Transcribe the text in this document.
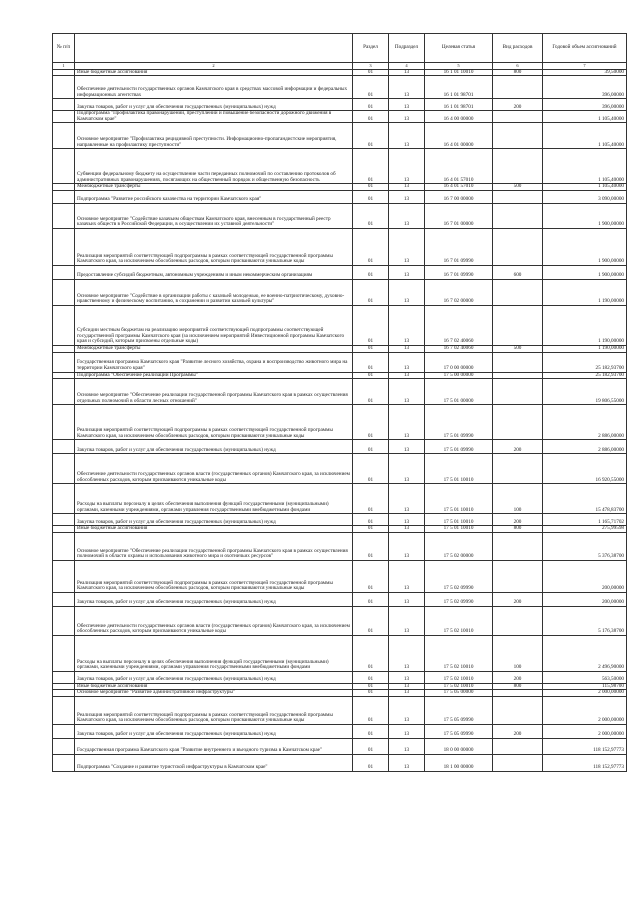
№ п/п		Раздел	Подраздел	Целевая статья	Вид расходов	Годовой объем ассигнований
1	2	3	4	5	6	7
	Иные бюджетные ассигнования	01	13	16 1 01 10010	800	39,50000
	Обеспечение деятельности государственных органов Камчатского края в средствах массовой информации и федеральных информационных агентствах	01	13	16 1 01 98701		396,00000
	Закупка товаров, работ и услуг для обеспечения государственных (муниципальных) нужд	01	13	16 1 01 98701	200	396,00000
	Подпрограмма "Профилактика правонарушений, преступлений и повышение безопасности дорожного движения в Камчатском крае"	01	13	16 4 00 00000		1 105,40000
	Основное мероприятие "Профилактика рецидивной преступности. Информационно-пропагандистские мероприятия, направленные на профилактику преступности"	01	13	16 4 01 00000		1 105,40000
	Субвенции федеральному бюджету на осуществление части переданных полномочий по составлению протоколов об административных правонарушениях, посягающих на общественный порядок и общественную безопасность	01	13	16 4 01 57010		1 105,40000
	Межбюджетные трансферты	01	13	16 4 01 57010	500	1 105,40000
	Подпрограмма "Развитие российского казачества на территории Камчатского края"	01	13	16 7 00 00000		3 090,00000
	Основное мероприятие "Содействие казачьим обществам Камчатского края, внесенным в государственный реестр казачьих обществ в Российской Федерации, в осуществлении их уставной деятельности"	01	13	16 7 01 00000		1 900,00000
	Реализация мероприятий соответствующей подпрограммы в рамках соответствующей государственной программы Камчатского края, за исключением обособленных расходов, которым присваиваются уникальные коды	01	13	16 7 01 09990		1 900,00000
	Предоставление субсидий бюджетным, автономным учреждениям и иным некоммерческим организациям	01	13	16 7 01 09990	600	1 900,00000
	Основное мероприятие "Содействие в организации работы с казачьей молодежью, ее военно-патриотическому, духовно-нравственному и физическому воспитанию, в сохранении и развитии казачьей культуры"	01	13	16 7 02 00000		1 190,00000
	Субсидии местным бюджетам на реализацию мероприятий соответствующей подпрограммы соответствующей государственной программы Камчатского края (за исключением мероприятий Инвестиционной программы Камчатского края и субсидий, которым присвоены отдельные коды)	01	13	16 7 02 40060		1 190,00000
	Межбюджетные трансферты	01	13	16 7 02 40060	500	1 190,00000
	Государственная программа Камчатского края "Развитие лесного хозяйства, охрана и воспроизводство животного мира на территории Камчатского края"	01	13	17 0 00 00000		25 182,93700
	Подпрограмма "Обеспечение реализации Программы"	01	13	17 5 00 00000		25 182,93700
	Основное мероприятие "Обеспечение реализации государственной программы Камчатского края в рамках осуществления отдельных полномочий в области лесных отношений"	01	13	17 5 01 00000		19 806,55000
	Реализация мероприятий соответствующей подпрограммы в рамках соответствующей государственной программы Камчатского края, за исключением обособленных расходов, которым присваиваются уникальные коды	01	13	17 5 01 09990		2 886,00000
	Закупка товаров, работ и услуг для обеспечения государственных (муниципальных) нужд	01	13	17 5 01 09990	200	2 886,00000
	Обеспечение деятельности государственных органов власти (государственных органов) Камчатского края, за исключением обособленных расходов, которым присваиваются уникальные коды	01	13	17 5 01 10010		16 920,55000
	Расходы на выплаты персоналу в целях обеспечения выполнения функций государственными (муниципальными) органами, казенными учреждениями, органами управления государственными внебюджетными фондами	01	13	17 5 01 10010	100	15 478,83700
	Закупка товаров, работ и услуг для обеспечения государственных (муниципальных) нужд	01	13	17 5 01 10010	200	1 165,71702
	Иные бюджетные ассигнования	01	13	17 5 01 10010	800	275,99598
	Основное мероприятие "Обеспечение реализации государственной программы Камчатского края в рамках осуществления полномочий в области охраны и использования животного мира и охотничьих ресурсов"	01	13	17 5 02 00000		5 376,38700
	Реализация мероприятий соответствующей подпрограммы в рамках соответствующей государственной программы Камчатского края, за исключением обособленных расходов, которым присваиваются уникальные коды	01	13	17 5 02 09990		200,00000
	Закупка товаров, работ и услуг для обеспечения государственных (муниципальных) нужд	01	13	17 5 02 09990	200	200,00000
	Обеспечение деятельности государственных органов власти (государственных органов) Камчатского края, за исключением обособленных расходов, которым присваиваются уникальные коды	01	13	17 5 02 10010		5 176,38700
	Расходы на выплаты персоналу в целях обеспечения выполнения функций государственными (муниципальными) органами, казенными учреждениями, органами управления государственными внебюджетными фондами	01	13	17 5 02 10010	100	2 496,90000
	Закупка товаров, работ и услуг для обеспечения государственных (муниципальных) нужд	01	13	17 5 02 10010	200	563,50000
	Иные бюджетные ассигнования	01	13	17 5 02 10010	800	115,98700
	Основное мероприятие "Развитие административной инфраструктуры"	01	13	17 5 05 00000		2 000,00000
	Реализация мероприятий соответствующей подпрограммы в рамках соответствующей государственной программы Камчатского края, за исключением обособленных расходов, которым присваиваются уникальные коды	01	13	17 5 05 09990		2 000,00000
	Закупка товаров, работ и услуг для обеспечения государственных (муниципальных) нужд	01	13	17 5 05 09990	200	2 000,00000
	Государственная программа Камчатского края "Развитие внутреннего и въездного туризма в Камчатском крае"	01	13	18 0 00 00000		118 152,97773
	Подпрограмма "Создание и развитие туристской инфраструктуры в Камчатском крае"	01	13	18 1 00 00000		118 152,97773
